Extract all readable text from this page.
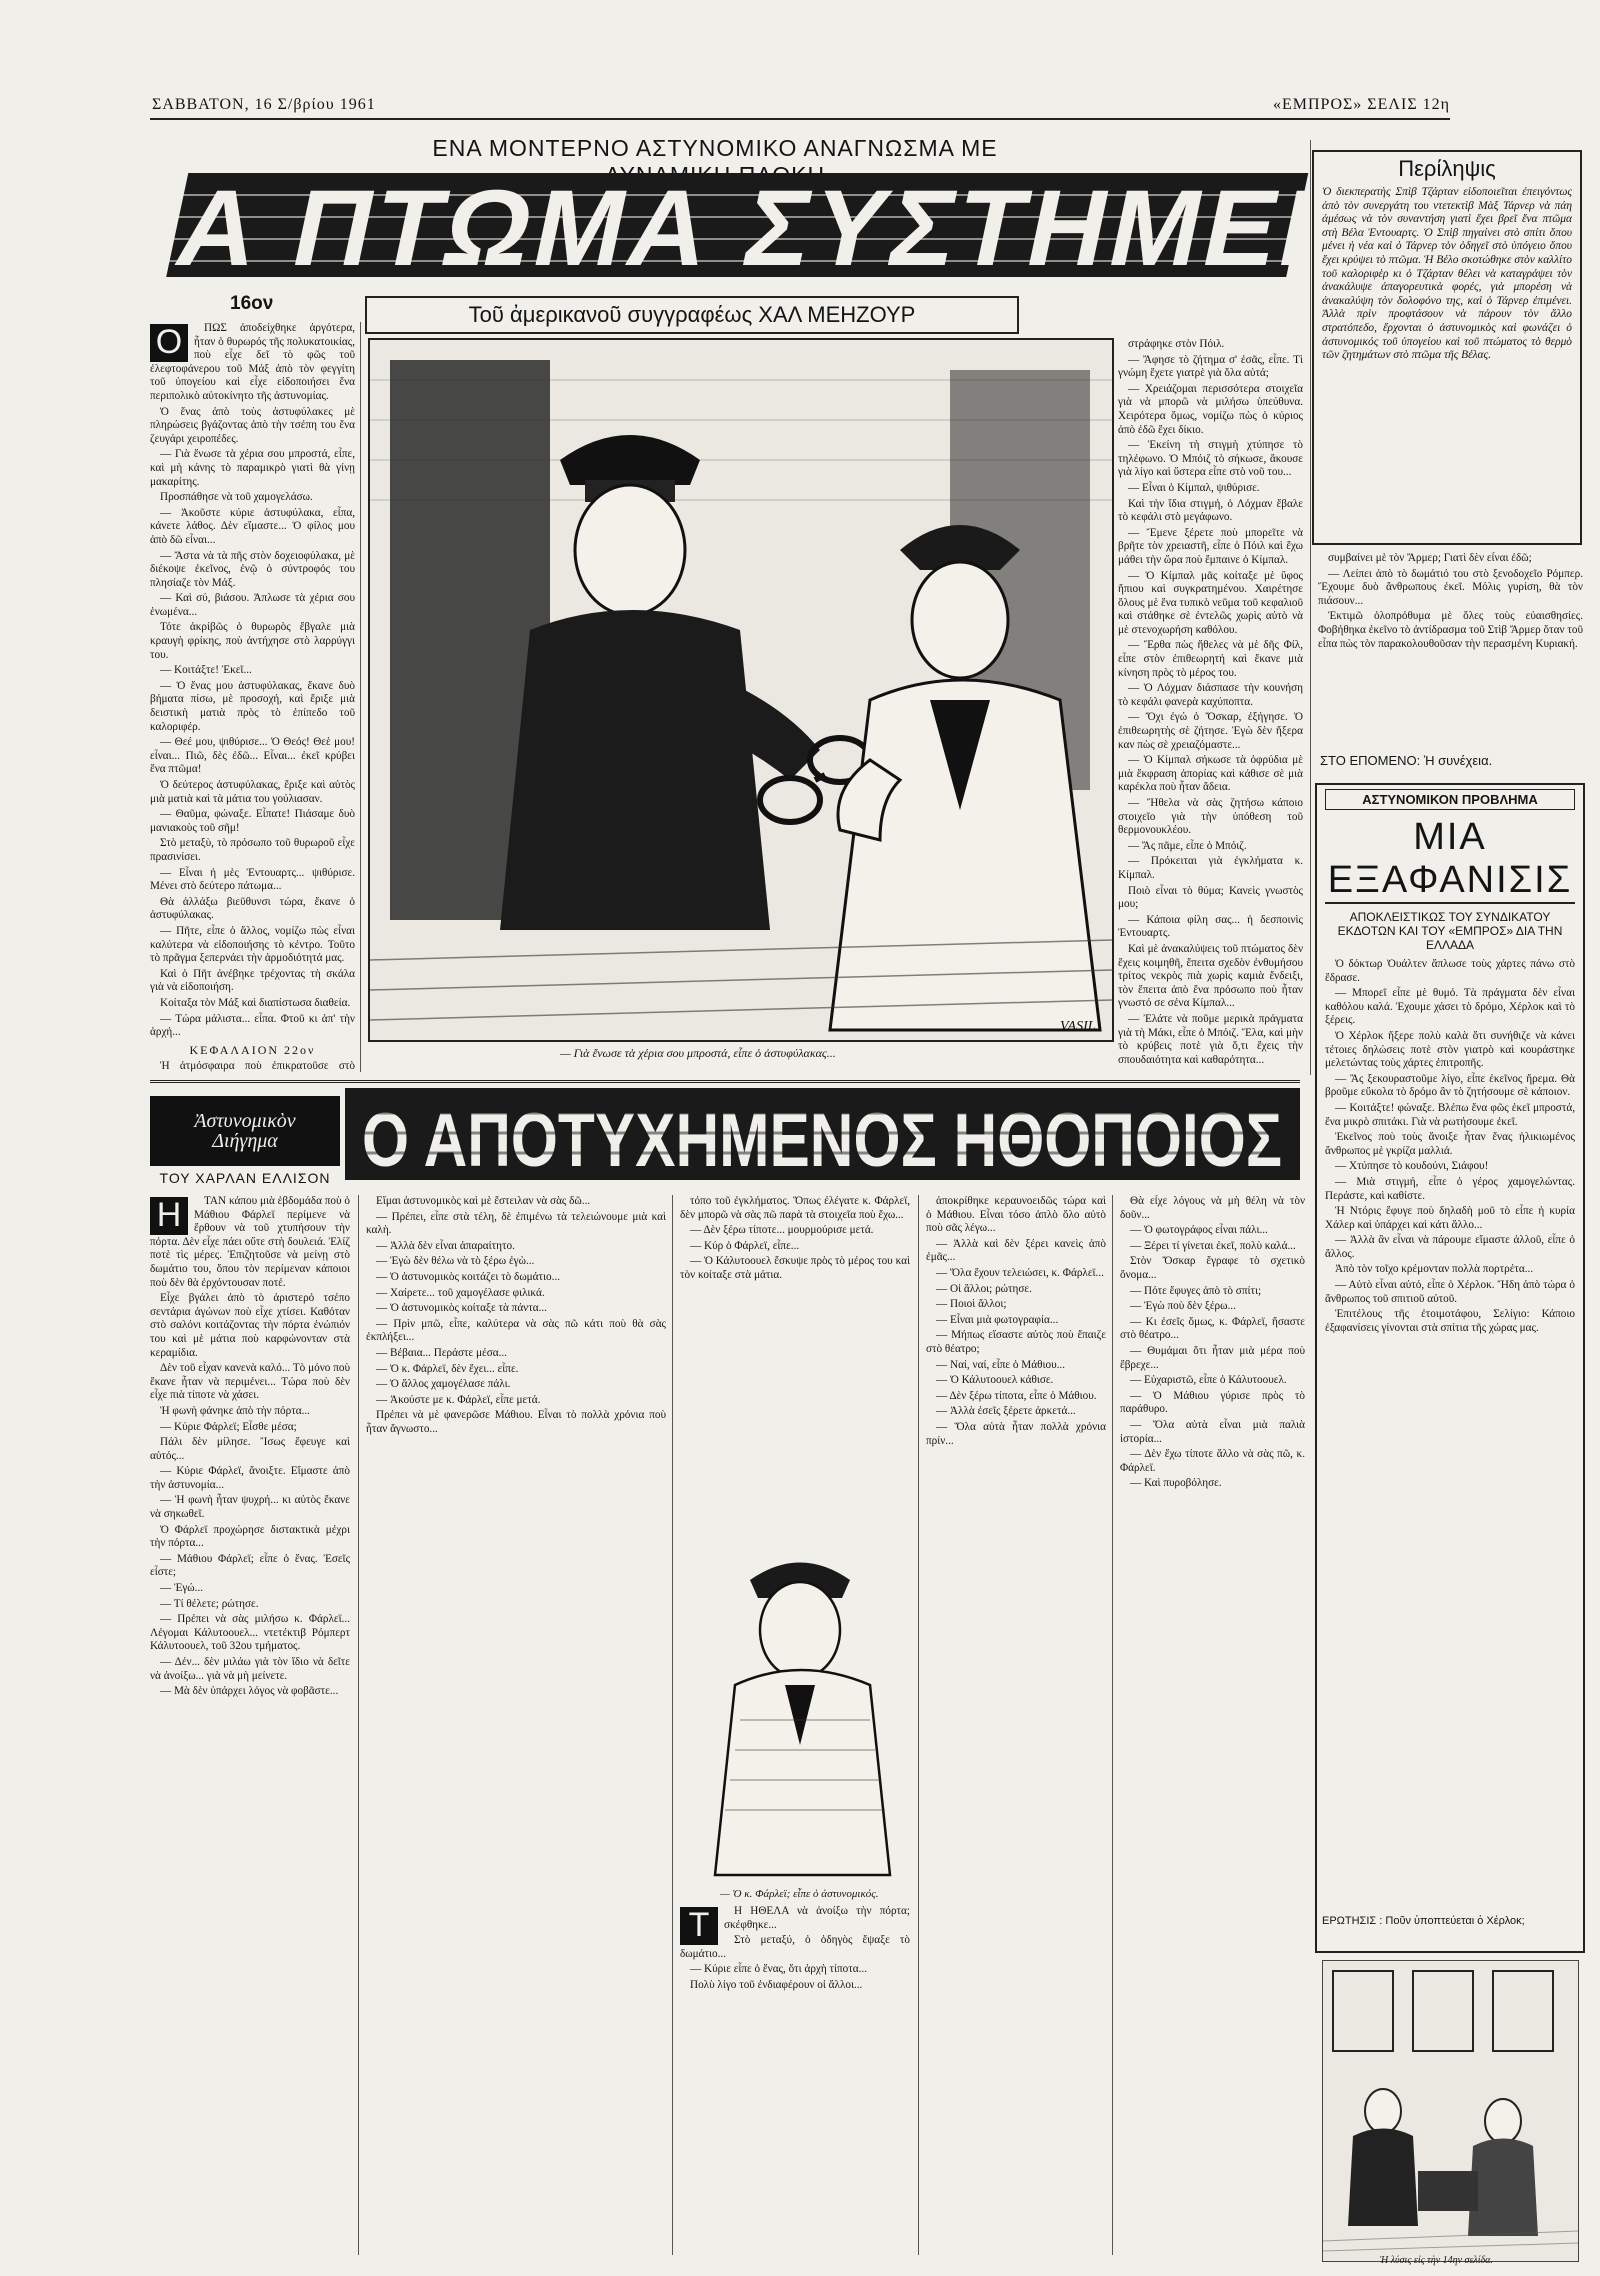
ΣΑΒΒΑΤΟΝ, 16 Σ/βρίου 1961	«ΕΜΠΡΟΣ» ΣΕΛΙΣ 12η
ΕΝΑ ΜΟΝΤΕΡΝΟ ΑΣΤΥΝΟΜΙΚΟ ΑΝΑΓΝΩΣΜΑ ΜΕ
ΕΝΑ ΠΤΩΜΑ ΣΥΣΤΗΜΕΝΟ
16ον	Τοῦ ἀμερικανοῦ συγγραφέως ΧΑΛ ΜΕΗΖΟΥΡ
Ο	ΠΩΣ ἀποδείχθηκε ἀργότερα, ἦταν ὁ θυρωρός τῆς πολυκατοικίας, ποὺ εἶχε δεῖ τὸ φῶς τοῦ ἐλεφτοφάνερου τοῦ Μάξ ἀπὸ τὸν φεγγίτη τοῦ ὑπογείου καὶ εἶχε εἰδοποιήσει ἕνα περιπολικὸ αὐτοκίνητο τῆς ἀστυνομίας.

Ὁ ἕνας ἀπὸ τοὺς ἀστυφύλακες μὲ πληρώσεις βγάζοντας ἀπὸ τὴν τσέπη του ἕνα ζευγάρι χειροπέδες.

— Γιὰ ἔνωσε τὰ χέρια σου μπροστά, εἶπε, καὶ μὴ κάνης τὸ παραμικρὸ γιατὶ θὰ γίνῃ μακαρίτης.

Προσπάθησε νὰ τοῦ χαμογελάσω.

— Ἀκοῦστε κύριε ἀστυφύλακα, εἶπα, κάνετε λάθος. Δὲν εἴμαστε... Ὁ φίλος μου ἀπὸ δῶ εἶναι...

— Ἄστα νὰ τὰ πῆς στὸν δοχειοφύλακα, μὲ διέκοψε ἐκεῖνος, ἐνῷ ὁ σύντροφός του πλησίαζε τὸν Μάξ.

— Καὶ σύ, βιάσου. Ἁπλωσε τὰ χέρια σου ἑνωμένα...

Τότε ἀκρίβῶς ὁ θυρωρὸς ἔβγαλε μιὰ κραυγὴ φρίκης, ποὺ ἀντήχησε στὸ λαρρύγγι του.

— Κοιτάξτε! Ἐκεῖ...

— Ὁ ἕνας μου ἀστυφύλακας, ἔκανε δυὸ βήματα πίσω, μὲ προσοχή, καὶ ἔριξε μιὰ δειστικὴ ματιὰ πρὸς τὸ ἐπίπεδο τοῦ καλοριφέρ.

— Θεέ μου, ψιθύρισε... Ὁ Θεός! Θεὲ μου! εἶναι... Πιῶ, δὲς ἐδῶ... Εἶναι... ἐκεῖ κρύβει ἕνα πτῶμα!

Ὁ δεύτερος ἀστυφύλακας, ἔριξε καὶ αὐτὸς μιὰ ματιὰ καὶ τὰ μάτια του γούλιασαν.

— Θαῦμα, φώναξε. Εἶπατε! Πιάσαμε δυὸ μανιακοὺς τοῦ σῆμ!

Στὸ μεταξὺ, τὸ πρόσωπο τοῦ θυρωροῦ εἶχε πρασινίσει.

— Εἶναι ἡ μὲς Ἐντουαρτς... ψιθύρισε. Μένει στὸ δεύτερο πάτωμα...

Θὰ ἀλλάξω βιεῦθυνσι τώρα, ἔκανε ὁ ἀστυφύλακας.

— Πῆτε, εἶπε ὁ ἄλλος, νομίζω πὼς εἶναι καλύτερα νὰ εἰδοποιήσης τὸ κέντρο. Τοῦτο τὸ πρᾶγμα ξεπερνάει τὴν ἁρμοδιότητά μας.

Καὶ ὁ Πῆτ ἀνέβηκε τρέχοντας τὴ σκάλα γιὰ νὰ εἰδοποιήση.

Κοίταξα τὸν Μάξ καὶ διαπίστωσα διαθεία.

— Τώρα μάλιστα... εἶπα. Φτοῦ κι ἀπ' τὴν ἀρχή...

ΚΕΦΑΛΑΙΟΝ 22ον

Ἡ ἀτμόσφαιρα ποὺ ἐπικρατοῦσε στὸ

VASIL
— Γιὰ ἔνωσε τὰ χέρια σου μπροστά, εἶπε ὁ ἀστυφύλακας...

στράφηκε στὸν Πόιλ.

— Ἄφησε τὸ ζήτημα σ' ἐσᾶς, εἶπε. Τὶ γνώμη ἔχετε γιατρὲ γιὰ ὅλα αὐτά;

— Χρειάζομαι περισσότερα στοιχεῖα γιὰ νὰ μπορῶ νὰ μιλήσω ὑπεύθυνα. Χειρότερα ὅμως, νομίζω πὼς ὁ κύριος ἀπὸ ἐδῶ ἔχει δίκιο.

— Ἐκείνη τὴ στιγμὴ χτύπησε τὸ τηλέφωνο. Ὁ Μπόιζ τὸ σήκωσε, ἄκουσε γιὰ λίγο καὶ ὕστερα εἶπε στὸ νοῦ του...

— Εἶναι ὁ Κίμπαλ, ψιθύρισε.

Καὶ τὴν ἴδια στιγμή, ὁ Λόχμαν ἔβαλε τὸ κεφάλι στὸ μεγάφωνο.

— Ἔμενε ξέρετε ποὺ μπορεῖτε νὰ βρῆτε τὸν χρειαστῆ, εἶπε ὁ Πόιλ καὶ ἔχω μάθει τὴν ὥρα ποὺ ἔμπαινε ὁ Κίμπαλ.

— Ὁ Κίμπαλ μᾶς κοίταξε μὲ ὕφος ἥπιου καὶ συγκρατημένου. Χαιρέτησε ὅλους μὲ ἕνα τυπικὸ νεῦμα τοῦ κεφαλιοῦ καὶ στάθηκε σὲ ἐντελῶς χωρὶς αὐτὸ νὰ μὲ στενοχωρήση καθόλου.

— Ἔρθα πὼς ἤθελες νὰ μὲ δῆς Φίλ, εἶπε στὸν ἐπιθεωρητή καὶ ἔκανε μιὰ κίνηση πρὸς τὸ μέρος του.

— Ὁ Λόχμαν διάσπασε τὴν κουνήση τὸ κεφάλι φανερὰ καχύποπτα.

— Ὄχι ἐγώ ὁ Ὄσκαρ, ἐξήγησε. Ὁ ἐπιθεωρητὴς σὲ ζήτησε. Ἐγὼ δὲν ἤξερα καν πὼς σὲ χρειαζόμαστε...

— Ὁ Κίμπαλ σήκωσε τὰ ὀφρύδια μὲ μιὰ ἔκφραση ἀπορίας καὶ κάθισε σὲ μιὰ καρέκλα ποὺ ἦταν ἄδεια.

— Ἤθελα νὰ σὰς ζητήσω κάποιο στοιχεῖο γιὰ τὴν ὑπόθεση τοῦ θερμονουκλέου.

— Ἄς πᾶμε, εἶπε ὁ Μπόιζ.

— Πρόκειται γιὰ ἐγκλήματα κ. Κίμπαλ.

Ποιὸ εἶναι τὸ θύμα; Κανεὶς γνωστὸς μου;

— Κάποια φίλη σας... ἡ δεσποινὶς Ἐντουαρτς.

Καὶ μὲ ἀνακαλύψεις τοῦ πτώματος δὲν ἔχεις κοιμηθῆ, ἔπειτα σχεδὸν ἐνθυμήσου τρίτος νεκρὸς πιὰ χωρὶς καμιὰ ἔνδειξι, τὸν ἔπειτα ἀπὸ ἕνα πρόσωπο ποὺ ἦταν γνωστό σε σένα Κίμπαλ...

— Ἐλάτε νὰ ποῦμε μερικὰ πράγματα γιὰ τὴ Μάκι, εἶπε ὁ Μπόιζ. Ἔλα, καὶ μὴν τὸ κρύβεις ποτὲ γιὰ ὅ,τι ἔχεις τὴν σπουδαιότητα καὶ καθαρότητα...

Περίληψις
Ὁ διεκπερατὴς Σπὶβ Τζάρταν εἰδοποιεῖται ἐπειγόντως ἀπὸ τὸν συνεργάτη του ντετεκτὶβ Μὰξ Τάρνερ νὰ πάη ἀμέσως νὰ τὸν συναντήση γιατὶ ἔχει βρεῖ ἕνα πτῶμα στὴ Βέλα Ἐντουαρτς. Ὁ Σπὶβ πηγαίνει στὸ σπίτι ὅπου μένει ἡ νέα καὶ ὁ Τάρνερ τὸν ὁδηγεῖ στὸ ὑπόγειο ὅπου ἔχει κρύψει τὸ πτῶμα. Ἡ Βέλο σκοτώθηκε στὸν καλλίτο τοῦ καλοριφὲρ κι ὁ Τζάρταν θέλει νὰ καταγράψει τὸν ἀνακάλυψε ἀπαγορευτικὰ φορές, γιὰ μπορέση νὰ ἀνακαλύψη τὸν δολοφόνο της, καὶ ὁ Τάρνερ ἐπιμένει. Ἀλλὰ πρὶν προφτάσουν νὰ πάρουν τὸν ἄλλο στρατόπεδο, ἔρχονται ὁ ἀστυνομικὸς καὶ φωνάζει ὁ ἀστυνομικός τοῦ ὑπογείου καὶ τοῦ πτώματος τὸ θερμὸ τῶν ζητημάτων στὸ πτῶμα τῆς Βέλας.

συμβαίνει μὲ τὸν Ἄρμερ; Γιατὶ δὲν εἶναι ἐδῶ;

— Λείπει ἀπὸ τὸ δωμάτιό του στὸ ξενοδοχεῖο Ρόμπερ. Ἔχουμε δυὸ ἄνθρωπους ἐκεῖ. Μόλις γυρίση, θὰ τὸν πιάσουν...

Ἐκτιμῶ ὁλοπρόθυμα μὲ ὅλες τοὺς εὐαισθησίες. Φοβήθηκα ἐκεῖνο τὸ ἀντίδρασμα τοῦ Στὶβ Ἄρμερ ὅταν τοῦ εἶπα πὼς τὸν παρακολουθοῦσαν τὴν περασμένη Κυριακή.

ΣΤΟ ΕΠΟΜΕΝΟ: Ἡ συνέχεια.
ΑΣΤΥΝΟΜΙΚΟΝ ΠΡΟΒΛΗΜΑ
ΜΙΑ ΕΞΑΦΑΝΙΣΙΣ
ΑΠΟΚΛΕΙΣΤΙΚΩΣ ΤΟΥ ΣΥΝΔΙΚΑΤΟΥ ΕΚΔΟΤΩΝ ΚΑΙ ΤΟΥ «ΕΜΠΡΟΣ» ΔΙΑ ΤΗΝ ΕΛΛΑΔΑ

Ὁ δόκτωρ Ὀυάλτεν ἄπλωσε τοὺς χάρτες πάνω στὸ ἕδρασε.

— Μπορεῖ εἶπε μὲ θυμό. Τὰ πράγματα δὲν εἶναι καθόλου καλά. Ἐχουμε χάσει τὸ δρόμο, Χέρλοκ καὶ τὸ ξέρεις.

Ὁ Χέρλοκ ἤξερε πολὺ καλὰ ὅτι συνήθιζε νὰ κάνει τέτοιες δηλώσεις ποτὲ στὸν γιατρὸ καὶ κουράστηκε μελετώντας τοὺς χάρτες ἐπιτροπῆς.

— Ἂς ξεκουραστοῦμε λίγο, εἶπε ἐκεῖνος ἥρεμα. Θὰ βροῦμε εὔκολα τὸ δρόμο ἂν τὸ ζητήσουμε σὲ κάποιον.

— Κοιτάξτε! φώναξε. Βλέπω ἕνα φῶς ἐκεῖ μπροστά, ἕνα μικρὸ σπιτάκι. Γιὰ νὰ ρωτήσουμε ἐκεῖ.

Ἐκεῖνος ποὺ τοὺς ἄνοιξε ἦταν ἕνας ἡλικιωμένος ἄνθρωπος μὲ γκρίζα μαλλιά.

— Χτύπησε τὸ κουδούνι, Σιάφου!

— Μιὰ στιγμή, εἶπε ὁ γέρος χαμογελώντας. Περάστε, καὶ καθίστε.

Ἡ Ντόρις ἔφυγε ποὺ δηλαδὴ μοῦ τὸ εἶπε ἡ κυρία Χάλερ καὶ ὑπάρχει καὶ κάτι ἄλλο...

— Ἀλλὰ ἂν εἶναι νὰ πάρουμε εἴμαστε ἀλλοῦ, εἶπε ὁ ἄλλος.

Ἀπὸ τὸν τοῖχο κρέμονταν πολλὰ πορτρέτα...

— Αὐτὸ εἶναι αὐτό, εἶπε ὁ Χέρλοκ. Ἤδη ἀπὸ τώρα ὁ ἄνθρωπος τοῦ σπιτιοῦ αὐτοῦ.

Ἐπιτέλους τῆς ἐτοιμοτάφου, Σελίγιο: Κάποιο ἐξαφανίσεις γίνονται στὰ σπίτια τῆς χώρας μας.

ΕΡΩΤΗΣΙΣ : Ποῦν ὑποπτεύεται ὁ Χέρλοκ;
Ἡ λύσις εἰς τὴν 14ην σελίδα.
Ἀστυνομικὸν
Διήγημα
ΤΟΥ ΧΑΡΛΑΝ ΕΛΛΙΣΟΝ Ο ΑΠΟΤΥΧΗΜΕΝΟΣ ΗΘΟΠΟΙΟΣ
Η	ΤΑΝ κάπου μιὰ ἑβδομάδα ποὺ ὁ Μάθιου Φάρλεϊ περίμενε νὰ ἔρθουν νὰ τοῦ χτυπήσουν τὴν πόρτα. Δὲν εἶχε πάει οὔτε στὴ δουλειά. Ἐλίζ ποτὲ τὶς μέρες. Ἐπιζητοῦσε νὰ μείνῃ στὸ δωμάτιο του, ὅπου τὸν περίμεναν κάποιοι ποὺ δὲν θὰ ἐρχόντουσαν ποτέ.

Εἶχε βγάλει ἀπὸ τὸ ἀριστερό τσέπο σεντάρια ἀγώνων ποὺ εἶχε χτίσει. Καθόταν στὸ σαλόνι κοιτάζοντας τὴν πόρτα ἐνώπιόν του καὶ μὲ μάτια ποὺ καρφώνονταν στὰ κεραμίδια.

Δὲν τοῦ εἶχαν κανενὰ καλό... Τὸ μόνο ποὺ ἔκανε ἦταν νὰ περιμένει... Τώρα ποὺ δὲν εἶχε πιὰ τίποτε νὰ χάσει.

Ἡ φωνὴ φάνηκε ἀπὸ τὴν πόρτα...

— Κύριε Φάρλεϊ; Εἶσθε μέσα;

Πάλι δὲν μίλησε. Ἴσως ἔφευγε καὶ αὐτός...

— Κύριε Φάρλεϊ, ἄνοιξτε. Εἴμαστε ἀπὸ τὴν ἀστυνομία...

— Ἡ φωνὴ ἦταν ψυχρή... κι αὐτὸς ἔκανε νὰ σηκωθεῖ.

Ὁ Φάρλεϊ προχώρησε διστακτικὰ μέχρι τὴν πόρτα...

— Μάθιου Φάρλεϊ; εἶπε ὁ ἕνας. Ἐσεῖς εἶστε;

— Ἐγώ...

— Τί θέλετε; ρώτησε.

— Πρέπει νὰ σὰς μιλήσω κ. Φάρλεϊ... Λέγομαι Κάλυτοουελ... ντετέκτιβ Ρόμπερτ Κάλυτοουελ, τοῦ 32ου τμήματος.

— Δέν... δὲν μιλάω γιὰ τὸν ἴδιο νὰ δεῖτε νὰ ἀνοίξω... γιὰ νὰ μὴ μείνετε.

— Μὰ δὲν ὑπάρχει λόγος νὰ φοβᾶστε...

Εἴμαι ἀστυνομικὸς καὶ μὲ ἔστειλαν νὰ σὰς δῶ...

— Πρέπει, εἶπε στὰ τέλη, δὲ ἐπιμένω τὰ τελειώνουμε μιὰ καὶ καλὴ.

— Ἀλλὰ δὲν εἶναι ἀπαραίτητο.

— Ἐγὼ δὲν θέλω νὰ τὸ ξέρω ἐγὼ...

— Ὁ ἀστυνομικὸς κοιτάζει τὸ δωμάτιο...

— Χαίρετε... τοῦ χαμογέλασε φιλικά.

— Ὁ ἀστυνομικὸς κοίταξε τὰ πάντα...

— Πρὶν μπῶ, εἶπε, καλύτερα νὰ σὰς πῶ κάτι ποὺ θὰ σὰς ἐκπλήξει...

— Βέβαια... Περάστε μέσα...

— Ὁ κ. Φάρλεϊ, δὲν ἔχει... εἶπε.

— Ὁ ἄλλος χαμογέλασε πάλι.

— Ἀκούστε με κ. Φάρλεϊ, εἶπε μετά.

Πρέπει νὰ μὲ φανερῶσε Μάθιου. Εἶναι τὸ πολλὰ χρόνια ποὺ ἦταν ἄγνωστο...

τόπο τοῦ ἐγκλήματος. Ὅπως ἐλέγατε κ. Φάρλεϊ, δὲν μπορῶ νὰ σὰς πῶ παρὰ τὰ στοιχεῖα ποὺ ἔχω...

— Δὲν ξέρω τίποτε... μουρμούρισε μετά.

— Κύρ ὁ Φάρλεϊ, εἶπε...

— Ὁ Κάλυτοουελ ἔσκυψε πρὸς τὸ μέρος του καὶ τὸν κοίταξε στὰ μάτια.

— Ὁ κ. Φάρλεϊ; εἶπε ὁ ἀστυνομικός.
Τ	Η ΗΘΕΛΑ νὰ ἀνοίξω τὴν πόρτα; σκέφθηκε...

Στὸ μεταξύ, ὁ ὁδηγὸς ἔψαξε τὸ δωμάτιο...

— Κύριε εἶπε ὁ ἕνας, ὅτι ἀρχὴ τίποτα...

Πολὺ λίγο τοῦ ἐνδιαφέρουν οἱ ἄλλοι...

ἀποκρίθηκε κεραυνοειδῶς τώρα καὶ ὁ Μάθιου. Εἶναι τόσο ἀπλὸ ὅλο αὐτὸ ποὺ σᾶς λέγω...

— Ἀλλὰ καὶ δὲν ξέρει κανεὶς ἀπὸ ἐμᾶς...

— Ὅλα ἔχουν τελειώσει, κ. Φάρλεϊ...

— Οἱ ἄλλοι; ρώτησε.

— Ποιοὶ ἄλλοι;

— Εἶναι μιὰ φωτογραφία...

— Μήπως εἴσαστε αὐτὸς ποὺ ἔπαιζε στὸ θέατρο;

— Ναί, ναί, εἶπε ὁ Μάθιου...

— Ὁ Κάλυτοουελ κάθισε.

— Δὲν ξέρω τίποτα, εἶπε ὁ Μάθιου.

— Ἀλλὰ ἐσεῖς ξέρετε ἀρκετά...

— Ὅλα αὐτὰ ἦταν πολλὰ χρόνια πρίν...

Θὰ εἶχε λόγους νὰ μὴ θέλη νὰ τὸν δοῦν...

— Ὁ φωτογράφος εἶναι πάλι...

— Ξέρει τί γίνεται ἐκεῖ, πολὺ καλά...

Στὸν Ὄσκαρ ἔγραφε τὸ σχετικὸ ὄνομα...

— Πότε ἔφυγες ἀπὸ τὸ σπίτι;

— Ἐγὼ ποὺ δὲν ξέρω...

— Κι ἐσεῖς ὅμως, κ. Φάρλεϊ, ἤσαστε στὸ θέατρο...

— Θυμάμαι ὅτι ἦταν μιὰ μέρα ποὺ ἔβρεχε...

— Εὐχαριστῶ, εἶπε ὁ Κάλυτοουελ.

— Ὁ Μάθιου γύρισε πρὸς τὸ παράθυρο.

— Ὄλα αὐτὰ εἶναι μιὰ παλιὰ ἱστορία...

— Δὲν ἔχω τίποτε ἄλλο νὰ σὰς πῶ, κ. Φάρλεϊ.

— Καὶ πυροβόλησε.
